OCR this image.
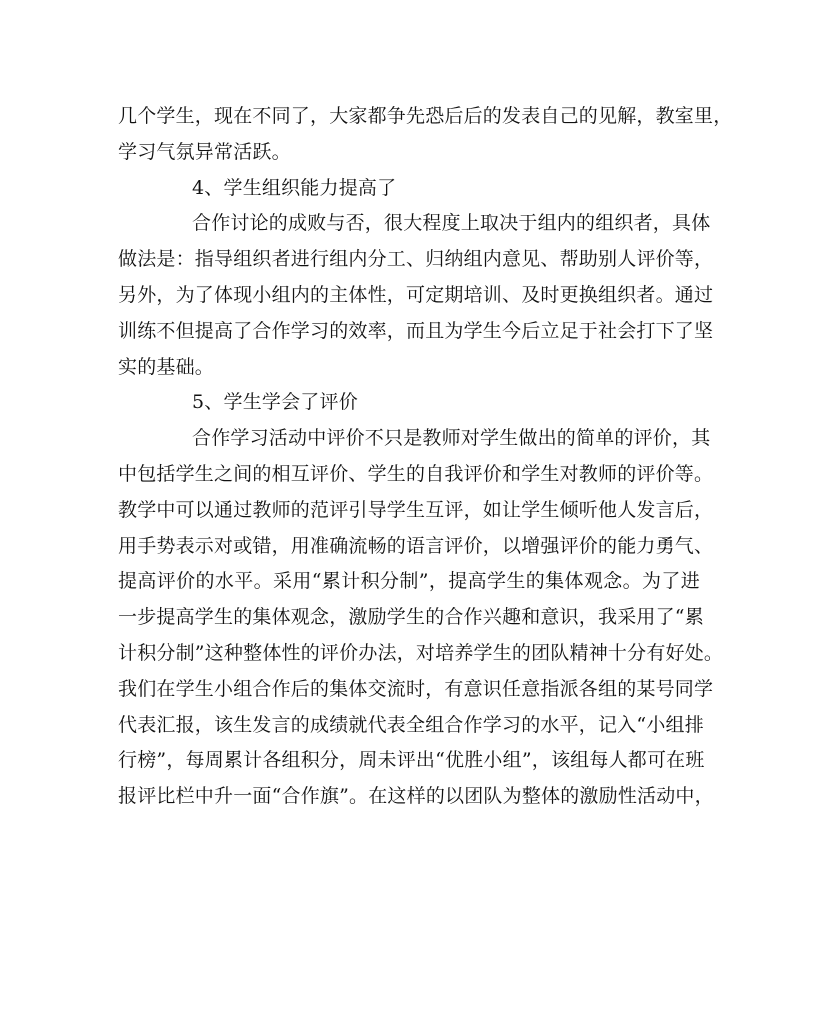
几个学生，现在不同了，大家都争先恐后后的发表自己的见解，教室里，
学习气氛异常活跃。
4、学生组织能力提高了
合作讨论的成败与否，很大程度上取决于组内的组织者，具体
做法是：指导组织者进行组内分工、归纳组内意见、帮助别人评价等，
另外，为了体现小组内的主体性，可定期培训、及时更换组织者。通过
训练不但提高了合作学习的效率，而且为学生今后立足于社会打下了坚
实的基础。
5、学生学会了评价
合作学习活动中评价不只是教师对学生做出的简单的评价，其
中包括学生之间的相互评价、学生的自我评价和学生对教师的评价等。
教学中可以通过教师的范评引导学生互评，如让学生倾听他人发言后，
用手势表示对或错，用准确流畅的语言评价，以增强评价的能力勇气、
提高评价的水平。采用“累计积分制”，提高学生的集体观念。为了进
一步提高学生的集体观念，激励学生的合作兴趣和意识，我采用了“累
计积分制”这种整体性的评价办法，对培养学生的团队精神十分有好处。
我们在学生小组合作后的集体交流时，有意识任意指派各组的某号同学
代表汇报，该生发言的成绩就代表全组合作学习的水平，记入“小组排
行榜”，每周累计各组积分，周未评出“优胜小组”，该组每人都可在班
报评比栏中升一面“合作旗”。在这样的以团队为整体的激励性活动中，
